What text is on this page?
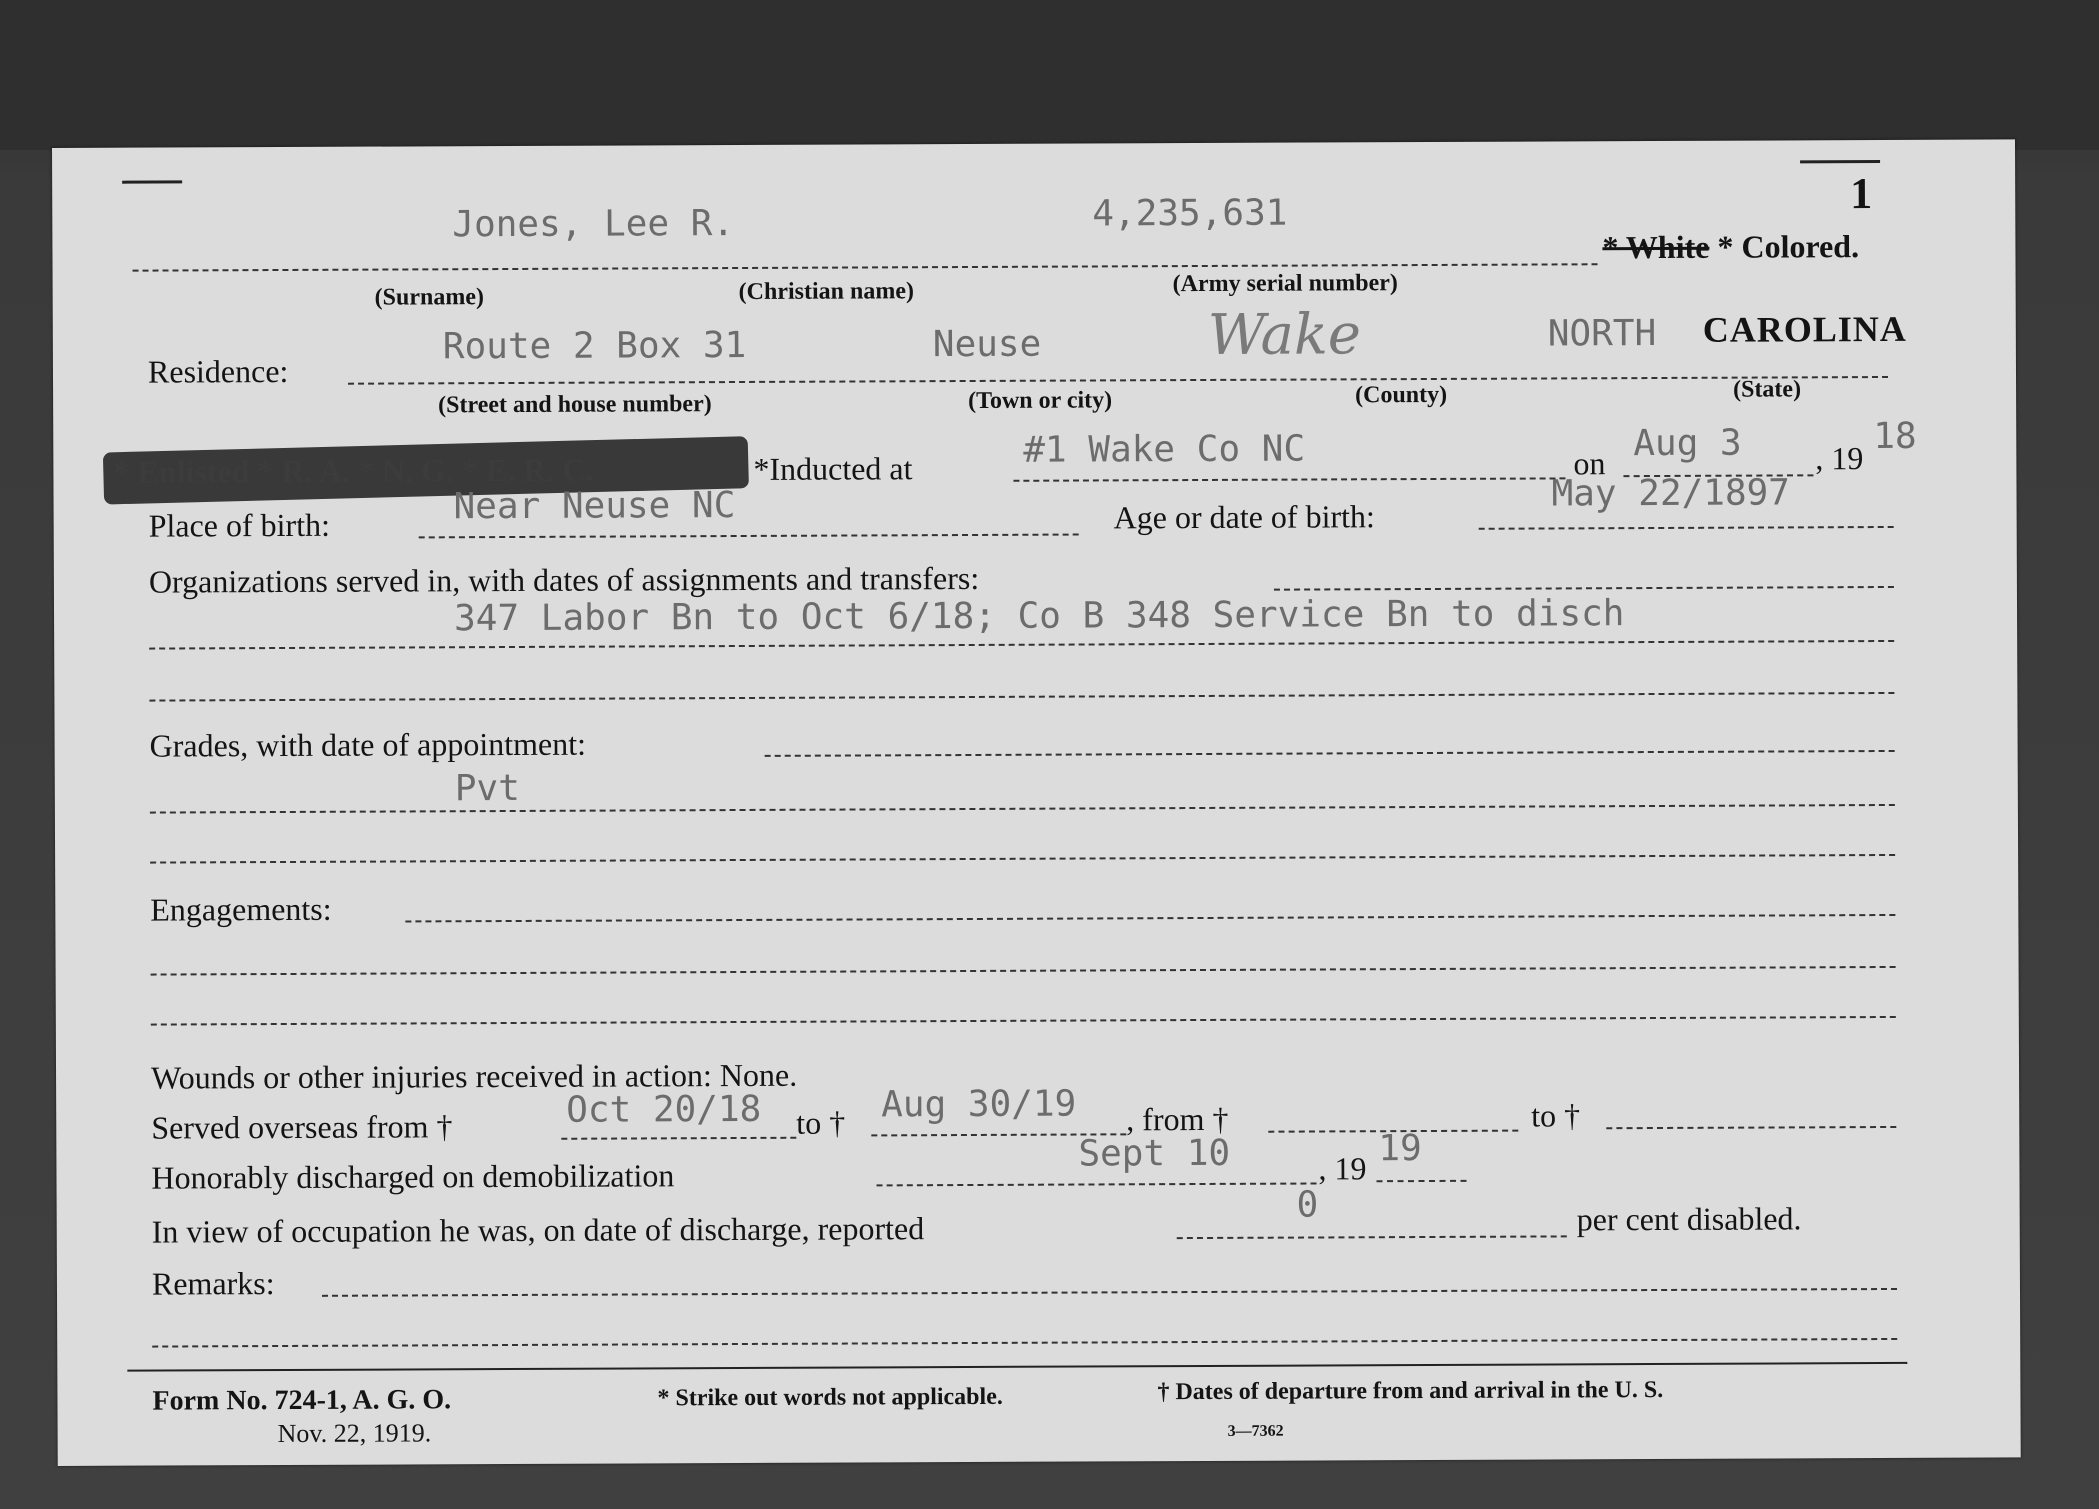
1
Jones, Lee R.	4,235,631
* White * Colored.
(Surname)	(Christian name)	(Army serial number)
Residence:
Route 2 Box 31	Neuse	Wake	NORTH CAROLINA
(Street and house number)	(Town or city)	(County)	(State)
* Enlisted * R. A. * N. G. * E. R. C.	*Inducted at	#1 Wake Co NC	on Aug 3 , 19
18
Place of birth:	Near Neuse NC	Age or date of birth:
May 22/1897
Organizations served in, with dates of assignments and transfers:
347 Labor Bn to Oct 6/18; Co B 348 Service Bn to disch
Grades, with date of appointment:
Pvt
Engagements:
Wounds or other injuries received in action: None.
Served overseas from †	Oct 20/18 to † Aug 30/19 , from †	to †
Honorably discharged on demobilization
Sept 10	, 19 19
In view of occupation he was, on date of discharge, reported
0	per cent disabled.
Remarks:
Form No. 724-1, A. G. O.
Nov. 22, 1919.
* Strike out words not applicable.	† Dates of departure from and arrival in the U. S.
3—7362
